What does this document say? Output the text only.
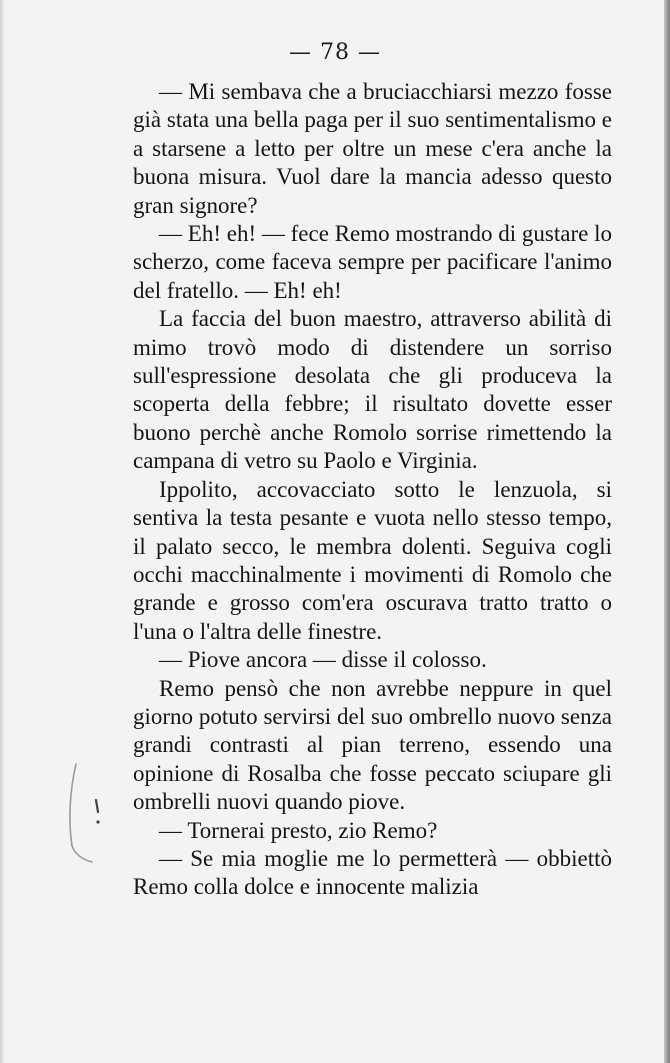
— 78 —

— Mi sembava che a bruciacchiarsi mezzo fosse già stata una bella paga per il suo sentimentalismo e a starsene a letto per oltre un mese c'era anche la buona misura. Vuol dare la mancia adesso questo gran signore?

— Eh! eh! — fece Remo mostrando di gustare lo scherzo, come faceva sempre per pacificare l'animo del fratello. — Eh! eh!

La faccia del buon maestro, attraverso abilità di mimo trovò modo di distendere un sorriso sull'espressione desolata che gli produceva la scoperta della febbre; il risultato dovette esser buono perchè anche Romolo sorrise rimettendo la campana di vetro su Paolo e Virginia.

Ippolito, accovacciato sotto le lenzuola, si sentiva la testa pesante e vuota nello stesso tempo, il palato secco, le membra dolenti. Seguiva cogli occhi macchinalmente i movimenti di Romolo che grande e grosso com'era oscurava tratto tratto o l'una o l'altra delle finestre.

— Piove ancora — disse il colosso.

Remo pensò che non avrebbe neppure in quel giorno potuto servirsi del suo ombrello nuovo senza grandi contrasti al pian terreno, essendo una opinione di Rosalba che fosse peccato sciupare gli ombrelli nuovi quando piove.

— Tornerai presto, zio Remo?

— Se mia moglie me lo permetterà — obbiettò Remo colla dolce e innocente malizia
